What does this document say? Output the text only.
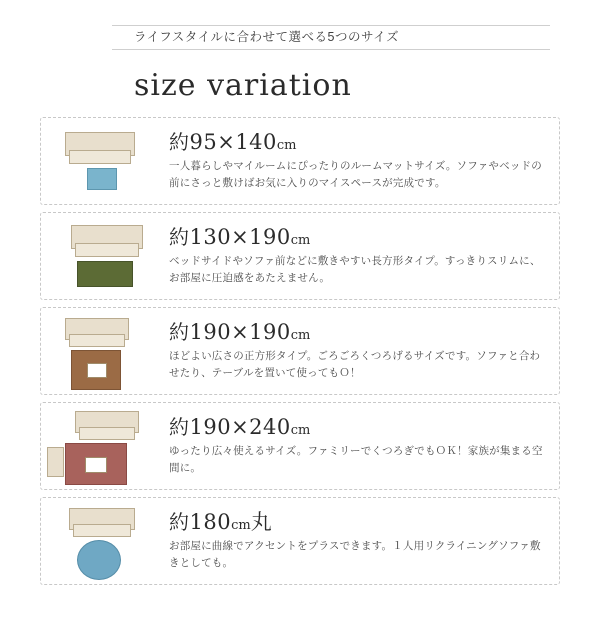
ライフスタイルに合わせて選べる5つのサイズ
size variation
約95×140cm
一人暮らしやマイルームにぴったりのルームマットサイズ。ソファやベッドの前にさっと敷けばお気に入りのマイスペースが完成です。
約130×190cm
ベッドサイドやソファ前などに敷きやすい長方形タイプ。すっきりスリムに、お部屋に圧迫感をあたえません。
約190×190cm
ほどよい広さの正方形タイプ。ごろごろくつろげるサイズです。ソファと合わせたり、テーブルを置いて使ってもＯ！
約190×240cm
ゆったり広々使えるサイズ。ファミリーでくつろぎでもＯＫ！家族が集まる空間に。
約180cm丸
お部屋に曲線でアクセントをプラスできます。１人用リクライニングソファ敷きとしても。
